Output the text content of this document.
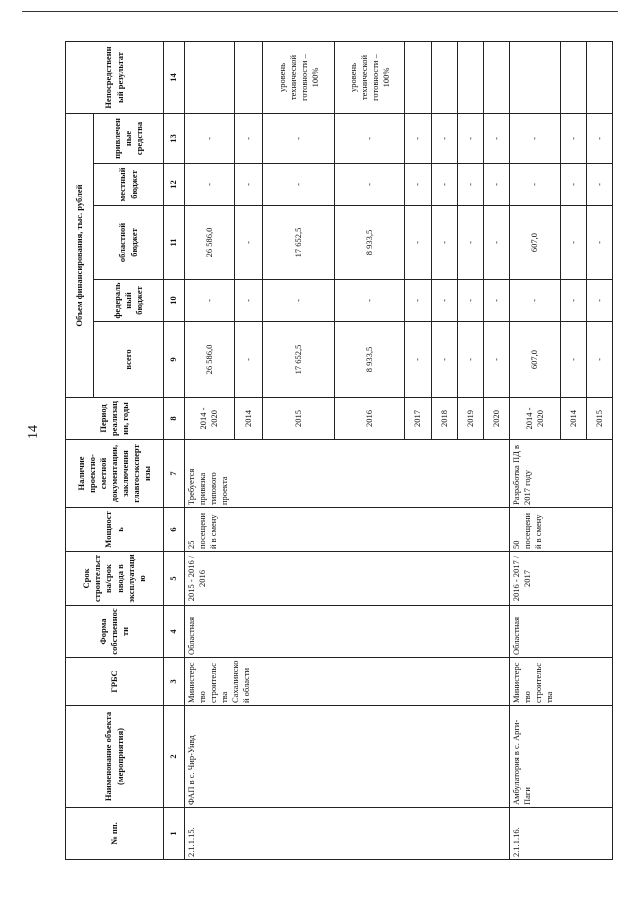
14
№ пп.	Наименование объекта (мероприятия)	ГРБС	Форма собственности	Срок строительства/срок ввода в эксплуатацию	Мощность	Наличие проектно-сметной документации, заключения главгосэкспертизы	Период реализации, годы	Объем финансирования, тыс. рублей					Непосредственный результат
								всего	федеральный бюджет	областной бюджет	местный бюджет	привлеченные средства	
1	2	3	4	5	6	7	8	9	10	11	12	13	14
2.1.1.15.	ФАП в с. Чир-Унвд	Министерство строительства Сахалинской области	Областная	2015 - 2016 / 2016	25 посещений в смену	Требуется привязка типового проекта	2014 - 2020	26 586,0	-	26 586,0	-	-	
							2014	-	-	-	-	-	
							2015	17 652,5	-	17 652,5	-	-	уровень технической готовности – 100%
							2016	8 933,5	-	8 933,5	-	-	уровень технической готовности – 100%
							2017	-	-	-	-	-	
							2018	-	-	-	-	-	
							2019	-	-	-	-	-	
							2020	-	-	-	-	-	
2.1.1.16.	Амбулатория в с. Арги-Паги	Министерство строительства	Областная	2016 - 2017 / 2017	50 посещений в смену	Разработка ПД в 2017 году	2014 - 2020	607,0	-	607,0	-	-	
							2014	-	-	-	-	-	
							2015	-	-	-	-	-	
